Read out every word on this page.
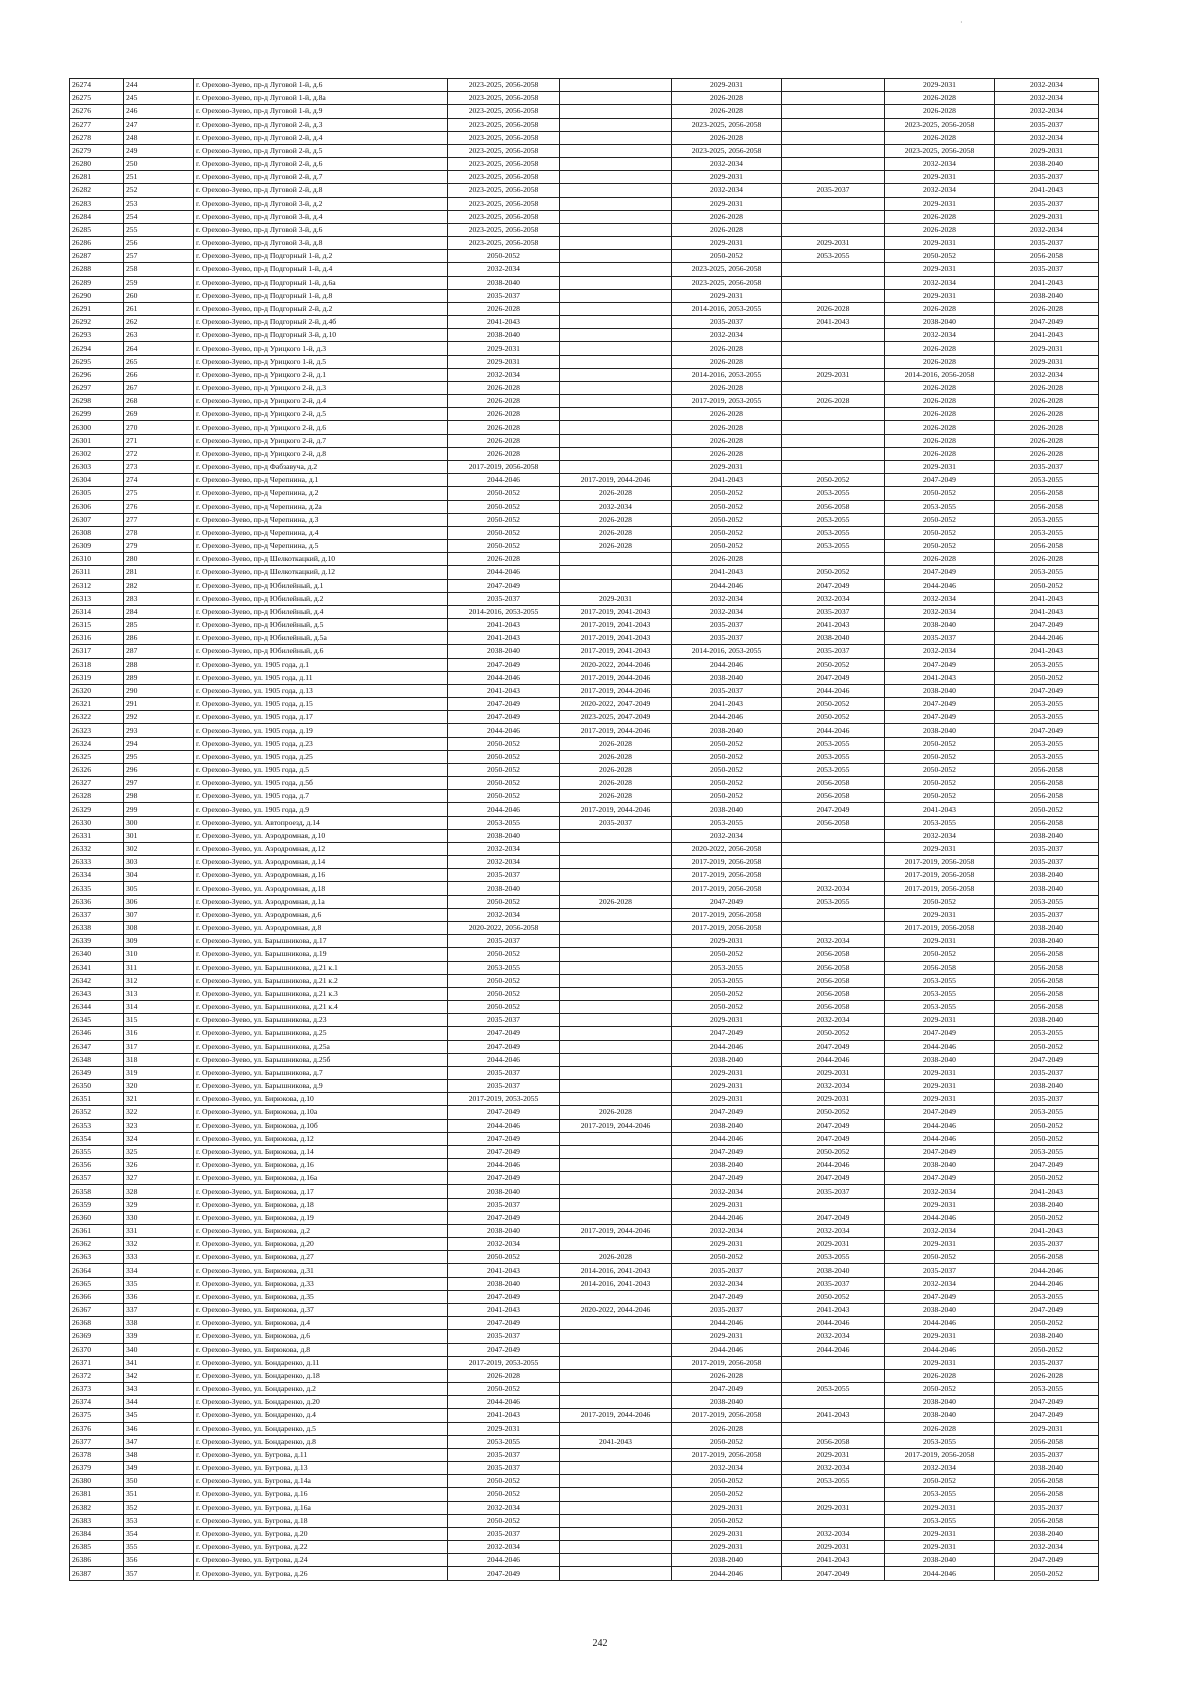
26274	244	г. Орехово-Зуево, пр-д Луговой 1-й, д.6	2023-2025, 2056-2058		2029-2031		2029-2031	2032-2034
26275	245	г. Орехово-Зуево, пр-д Луговой 1-й, д.8а	2023-2025, 2056-2058		2026-2028		2026-2028	2032-2034
26276	246	г. Орехово-Зуево, пр-д Луговой 1-й, д.9	2023-2025, 2056-2058		2026-2028		2026-2028	2032-2034
26277	247	г. Орехово-Зуево, пр-д Луговой 2-й, д.3	2023-2025, 2056-2058		2023-2025, 2056-2058		2023-2025, 2056-2058	2035-2037
26278	248	г. Орехово-Зуево, пр-д Луговой 2-й, д.4	2023-2025, 2056-2058		2026-2028		2026-2028	2032-2034
26279	249	г. Орехово-Зуево, пр-д Луговой 2-й, д.5	2023-2025, 2056-2058		2023-2025, 2056-2058		2023-2025, 2056-2058	2029-2031
26280	250	г. Орехово-Зуево, пр-д Луговой 2-й, д.6	2023-2025, 2056-2058		2032-2034		2032-2034	2038-2040
26281	251	г. Орехово-Зуево, пр-д Луговой 2-й, д.7	2023-2025, 2056-2058		2029-2031		2029-2031	2035-2037
26282	252	г. Орехово-Зуево, пр-д Луговой 2-й, д.8	2023-2025, 2056-2058		2032-2034	2035-2037	2032-2034	2041-2043
26283	253	г. Орехово-Зуево, пр-д Луговой 3-й, д.2	2023-2025, 2056-2058		2029-2031		2029-2031	2035-2037
26284	254	г. Орехово-Зуево, пр-д Луговой 3-й, д.4	2023-2025, 2056-2058		2026-2028		2026-2028	2029-2031
26285	255	г. Орехово-Зуево, пр-д Луговой 3-й, д.6	2023-2025, 2056-2058		2026-2028		2026-2028	2032-2034
26286	256	г. Орехово-Зуево, пр-д Луговой 3-й, д.8	2023-2025, 2056-2058		2029-2031	2029-2031	2029-2031	2035-2037
26287	257	г. Орехово-Зуево, пр-д Подгорный 1-й, д.2	2050-2052		2050-2052	2053-2055	2050-2052	2056-2058
26288	258	г. Орехово-Зуево, пр-д Подгорный 1-й, д.4	2032-2034		2023-2025, 2056-2058		2029-2031	2035-2037
26289	259	г. Орехово-Зуево, пр-д Подгорный 1-й, д.6а	2038-2040		2023-2025, 2056-2058		2032-2034	2041-2043
26290	260	г. Орехово-Зуево, пр-д Подгорный 1-й, д.8	2035-2037		2029-2031		2029-2031	2038-2040
26291	261	г. Орехово-Зуево, пр-д Подгорный 2-й, д.2	2026-2028		2014-2016, 2053-2055	2026-2028	2026-2028	2026-2028
26292	262	г. Орехово-Зуево, пр-д Подгорный 2-й, д.4б	2041-2043		2035-2037	2041-2043	2038-2040	2047-2049
26293	263	г. Орехово-Зуево, пр-д Подгорный 3-й, д.10	2038-2040		2032-2034		2032-2034	2041-2043
26294	264	г. Орехово-Зуево, пр-д Урицкого 1-й, д.3	2029-2031		2026-2028		2026-2028	2029-2031
26295	265	г. Орехово-Зуево, пр-д Урицкого 1-й, д.5	2029-2031		2026-2028		2026-2028	2029-2031
26296	266	г. Орехово-Зуево, пр-д Урицкого 2-й, д.1	2032-2034		2014-2016, 2053-2055	2029-2031	2014-2016, 2056-2058	2032-2034
26297	267	г. Орехово-Зуево, пр-д Урицкого 2-й, д.3	2026-2028		2026-2028		2026-2028	2026-2028
26298	268	г. Орехово-Зуево, пр-д Урицкого 2-й, д.4	2026-2028		2017-2019, 2053-2055	2026-2028	2026-2028	2026-2028
26299	269	г. Орехово-Зуево, пр-д Урицкого 2-й, д.5	2026-2028		2026-2028		2026-2028	2026-2028
26300	270	г. Орехово-Зуево, пр-д Урицкого 2-й, д.6	2026-2028		2026-2028		2026-2028	2026-2028
26301	271	г. Орехово-Зуево, пр-д Урицкого 2-й, д.7	2026-2028		2026-2028		2026-2028	2026-2028
26302	272	г. Орехово-Зуево, пр-д Урицкого 2-й, д.8	2026-2028		2026-2028		2026-2028	2026-2028
26303	273	г. Орехово-Зуево, пр-д Фабзавуча, д.2	2017-2019, 2056-2058		2029-2031		2029-2031	2035-2037
26304	274	г. Орехово-Зуево, пр-д Черепнина, д.1	2044-2046	2017-2019, 2044-2046	2041-2043	2050-2052	2047-2049	2053-2055
26305	275	г. Орехово-Зуево, пр-д Черепнина, д.2	2050-2052	2026-2028	2050-2052	2053-2055	2050-2052	2056-2058
26306	276	г. Орехово-Зуево, пр-д Черепнина, д.2а	2050-2052	2032-2034	2050-2052	2056-2058	2053-2055	2056-2058
26307	277	г. Орехово-Зуево, пр-д Черепнина, д.3	2050-2052	2026-2028	2050-2052	2053-2055	2050-2052	2053-2055
26308	278	г. Орехово-Зуево, пр-д Черепнина, д.4	2050-2052	2026-2028	2050-2052	2053-2055	2050-2052	2053-2055
26309	279	г. Орехово-Зуево, пр-д Черепнина, д.5	2050-2052	2026-2028	2050-2052	2053-2055	2050-2052	2056-2058
26310	280	г. Орехово-Зуево, пр-д Шелкоткацкий, д.10	2026-2028		2026-2028		2026-2028	2026-2028
26311	281	г. Орехово-Зуево, пр-д Шелкоткацкий, д.12	2044-2046		2041-2043	2050-2052	2047-2049	2053-2055
26312	282	г. Орехово-Зуево, пр-д Юбилейный, д.1	2047-2049		2044-2046	2047-2049	2044-2046	2050-2052
26313	283	г. Орехово-Зуево, пр-д Юбилейный, д.2	2035-2037	2029-2031	2032-2034	2032-2034	2032-2034	2041-2043
26314	284	г. Орехово-Зуево, пр-д Юбилейный, д.4	2014-2016, 2053-2055	2017-2019, 2041-2043	2032-2034	2035-2037	2032-2034	2041-2043
26315	285	г. Орехово-Зуево, пр-д Юбилейный, д.5	2041-2043	2017-2019, 2041-2043	2035-2037	2041-2043	2038-2040	2047-2049
26316	286	г. Орехово-Зуево, пр-д Юбилейный, д.5а	2041-2043	2017-2019, 2041-2043	2035-2037	2038-2040	2035-2037	2044-2046
26317	287	г. Орехово-Зуево, пр-д Юбилейный, д.6	2038-2040	2017-2019, 2041-2043	2014-2016, 2053-2055	2035-2037	2032-2034	2041-2043
26318	288	г. Орехово-Зуево, ул. 1905 года, д.1	2047-2049	2020-2022, 2044-2046	2044-2046	2050-2052	2047-2049	2053-2055
26319	289	г. Орехово-Зуево, ул. 1905 года, д.11	2044-2046	2017-2019, 2044-2046	2038-2040	2047-2049	2041-2043	2050-2052
26320	290	г. Орехово-Зуево, ул. 1905 года, д.13	2041-2043	2017-2019, 2044-2046	2035-2037	2044-2046	2038-2040	2047-2049
26321	291	г. Орехово-Зуево, ул. 1905 года, д.15	2047-2049	2020-2022, 2047-2049	2041-2043	2050-2052	2047-2049	2053-2055
26322	292	г. Орехово-Зуево, ул. 1905 года, д.17	2047-2049	2023-2025, 2047-2049	2044-2046	2050-2052	2047-2049	2053-2055
26323	293	г. Орехово-Зуево, ул. 1905 года, д.19	2044-2046	2017-2019, 2044-2046	2038-2040	2044-2046	2038-2040	2047-2049
26324	294	г. Орехово-Зуево, ул. 1905 года, д.23	2050-2052	2026-2028	2050-2052	2053-2055	2050-2052	2053-2055
26325	295	г. Орехово-Зуево, ул. 1905 года, д.25	2050-2052	2026-2028	2050-2052	2053-2055	2050-2052	2053-2055
26326	296	г. Орехово-Зуево, ул. 1905 года, д.5	2050-2052	2026-2028	2050-2052	2053-2055	2050-2052	2056-2058
26327	297	г. Орехово-Зуево, ул. 1905 года, д.5б	2050-2052	2026-2028	2050-2052	2056-2058	2050-2052	2056-2058
26328	298	г. Орехово-Зуево, ул. 1905 года, д.7	2050-2052	2026-2028	2050-2052	2056-2058	2050-2052	2056-2058
26329	299	г. Орехово-Зуево, ул. 1905 года, д.9	2044-2046	2017-2019, 2044-2046	2038-2040	2047-2049	2041-2043	2050-2052
26330	300	г. Орехово-Зуево, ул. Автопроезд, д.14	2053-2055	2035-2037	2053-2055	2056-2058	2053-2055	2056-2058
26331	301	г. Орехово-Зуево, ул. Аэродромная, д.10	2038-2040		2032-2034		2032-2034	2038-2040
26332	302	г. Орехово-Зуево, ул. Аэродромная, д.12	2032-2034		2020-2022, 2056-2058		2029-2031	2035-2037
26333	303	г. Орехово-Зуево, ул. Аэродромная, д.14	2032-2034		2017-2019, 2056-2058		2017-2019, 2056-2058	2035-2037
26334	304	г. Орехово-Зуево, ул. Аэродромная, д.16	2035-2037		2017-2019, 2056-2058		2017-2019, 2056-2058	2038-2040
26335	305	г. Орехово-Зуево, ул. Аэродромная, д.18	2038-2040		2017-2019, 2056-2058	2032-2034	2017-2019, 2056-2058	2038-2040
26336	306	г. Орехово-Зуево, ул. Аэродромная, д.1а	2050-2052	2026-2028	2047-2049	2053-2055	2050-2052	2053-2055
26337	307	г. Орехово-Зуево, ул. Аэродромная, д.6	2032-2034		2017-2019, 2056-2058		2029-2031	2035-2037
26338	308	г. Орехово-Зуево, ул. Аэродромная, д.8	2020-2022, 2056-2058		2017-2019, 2056-2058		2017-2019, 2056-2058	2038-2040
26339	309	г. Орехово-Зуево, ул. Барышникова, д.17	2035-2037		2029-2031	2032-2034	2029-2031	2038-2040
26340	310	г. Орехово-Зуево, ул. Барышникова, д.19	2050-2052		2050-2052	2056-2058	2050-2052	2056-2058
26341	311	г. Орехово-Зуево, ул. Барышникова, д.21 к.1	2053-2055		2053-2055	2056-2058	2056-2058	2056-2058
26342	312	г. Орехово-Зуево, ул. Барышникова, д.21 к.2	2050-2052		2053-2055	2056-2058	2053-2055	2056-2058
26343	313	г. Орехово-Зуево, ул. Барышникова, д.21 к.3	2050-2052		2050-2052	2056-2058	2053-2055	2056-2058
26344	314	г. Орехово-Зуево, ул. Барышникова, д.21 к.4	2050-2052		2050-2052	2056-2058	2053-2055	2056-2058
26345	315	г. Орехово-Зуево, ул. Барышникова, д.23	2035-2037		2029-2031	2032-2034	2029-2031	2038-2040
26346	316	г. Орехово-Зуево, ул. Барышникова, д.25	2047-2049		2047-2049	2050-2052	2047-2049	2053-2055
26347	317	г. Орехово-Зуево, ул. Барышникова, д.25а	2047-2049		2044-2046	2047-2049	2044-2046	2050-2052
26348	318	г. Орехово-Зуево, ул. Барышникова, д.25б	2044-2046		2038-2040	2044-2046	2038-2040	2047-2049
26349	319	г. Орехово-Зуево, ул. Барышникова, д.7	2035-2037		2029-2031	2029-2031	2029-2031	2035-2037
26350	320	г. Орехово-Зуево, ул. Барышникова, д.9	2035-2037		2029-2031	2032-2034	2029-2031	2038-2040
26351	321	г. Орехово-Зуево, ул. Бирюкова, д.10	2017-2019, 2053-2055		2029-2031	2029-2031	2029-2031	2035-2037
26352	322	г. Орехово-Зуево, ул. Бирюкова, д.10а	2047-2049	2026-2028	2047-2049	2050-2052	2047-2049	2053-2055
26353	323	г. Орехово-Зуево, ул. Бирюкова, д.10б	2044-2046	2017-2019, 2044-2046	2038-2040	2047-2049	2044-2046	2050-2052
26354	324	г. Орехово-Зуево, ул. Бирюкова, д.12	2047-2049		2044-2046	2047-2049	2044-2046	2050-2052
26355	325	г. Орехово-Зуево, ул. Бирюкова, д.14	2047-2049		2047-2049	2050-2052	2047-2049	2053-2055
26356	326	г. Орехово-Зуево, ул. Бирюкова, д.16	2044-2046		2038-2040	2044-2046	2038-2040	2047-2049
26357	327	г. Орехово-Зуево, ул. Бирюкова, д.16а	2047-2049		2047-2049	2047-2049	2047-2049	2050-2052
26358	328	г. Орехово-Зуево, ул. Бирюкова, д.17	2038-2040		2032-2034	2035-2037	2032-2034	2041-2043
26359	329	г. Орехово-Зуево, ул. Бирюкова, д.18	2035-2037		2029-2031		2029-2031	2038-2040
26360	330	г. Орехово-Зуево, ул. Бирюкова, д.19	2047-2049		2044-2046	2047-2049	2044-2046	2050-2052
26361	331	г. Орехово-Зуево, ул. Бирюкова, д.2	2038-2040	2017-2019, 2044-2046	2032-2034	2032-2034	2032-2034	2041-2043
26362	332	г. Орехово-Зуево, ул. Бирюкова, д.20	2032-2034		2029-2031	2029-2031	2029-2031	2035-2037
26363	333	г. Орехово-Зуево, ул. Бирюкова, д.27	2050-2052	2026-2028	2050-2052	2053-2055	2050-2052	2056-2058
26364	334	г. Орехово-Зуево, ул. Бирюкова, д.31	2041-2043	2014-2016, 2041-2043	2035-2037	2038-2040	2035-2037	2044-2046
26365	335	г. Орехово-Зуево, ул. Бирюкова, д.33	2038-2040	2014-2016, 2041-2043	2032-2034	2035-2037	2032-2034	2044-2046
26366	336	г. Орехово-Зуево, ул. Бирюкова, д.35	2047-2049		2047-2049	2050-2052	2047-2049	2053-2055
26367	337	г. Орехово-Зуево, ул. Бирюкова, д.37	2041-2043	2020-2022, 2044-2046	2035-2037	2041-2043	2038-2040	2047-2049
26368	338	г. Орехово-Зуево, ул. Бирюкова, д.4	2047-2049		2044-2046	2044-2046	2044-2046	2050-2052
26369	339	г. Орехово-Зуево, ул. Бирюкова, д.6	2035-2037		2029-2031	2032-2034	2029-2031	2038-2040
26370	340	г. Орехово-Зуево, ул. Бирюкова, д.8	2047-2049		2044-2046	2044-2046	2044-2046	2050-2052
26371	341	г. Орехово-Зуево, ул. Бондаренко, д.11	2017-2019, 2053-2055		2017-2019, 2056-2058		2029-2031	2035-2037
26372	342	г. Орехово-Зуево, ул. Бондаренко, д.18	2026-2028		2026-2028		2026-2028	2026-2028
26373	343	г. Орехово-Зуево, ул. Бондаренко, д.2	2050-2052		2047-2049	2053-2055	2050-2052	2053-2055
26374	344	г. Орехово-Зуево, ул. Бондаренко, д.20	2044-2046		2038-2040		2038-2040	2047-2049
26375	345	г. Орехово-Зуево, ул. Бондаренко, д.4	2041-2043	2017-2019, 2044-2046	2017-2019, 2056-2058	2041-2043	2038-2040	2047-2049
26376	346	г. Орехово-Зуево, ул. Бондаренко, д.5	2029-2031		2026-2028		2026-2028	2029-2031
26377	347	г. Орехово-Зуево, ул. Бондаренко, д.8	2053-2055	2041-2043	2050-2052	2056-2058	2053-2055	2056-2058
26378	348	г. Орехово-Зуево, ул. Бугрова, д.11	2035-2037		2017-2019, 2056-2058	2029-2031	2017-2019, 2056-2058	2035-2037
26379	349	г. Орехово-Зуево, ул. Бугрова, д.13	2035-2037		2032-2034	2032-2034	2032-2034	2038-2040
26380	350	г. Орехово-Зуево, ул. Бугрова, д.14а	2050-2052		2050-2052	2053-2055	2050-2052	2056-2058
26381	351	г. Орехово-Зуево, ул. Бугрова, д.16	2050-2052		2050-2052		2053-2055	2056-2058
26382	352	г. Орехово-Зуево, ул. Бугрова, д.16а	2032-2034		2029-2031	2029-2031	2029-2031	2035-2037
26383	353	г. Орехово-Зуево, ул. Бугрова, д.18	2050-2052		2050-2052		2053-2055	2056-2058
26384	354	г. Орехово-Зуево, ул. Бугрова, д.20	2035-2037		2029-2031	2032-2034	2029-2031	2038-2040
26385	355	г. Орехово-Зуево, ул. Бугрова, д.22	2032-2034		2029-2031	2029-2031	2029-2031	2032-2034
26386	356	г. Орехово-Зуево, ул. Бугрова, д.24	2044-2046		2038-2040	2041-2043	2038-2040	2047-2049
26387	357	г. Орехово-Зуево, ул. Бугрова, д.26	2047-2049		2044-2046	2047-2049	2044-2046	2050-2052
·
242
